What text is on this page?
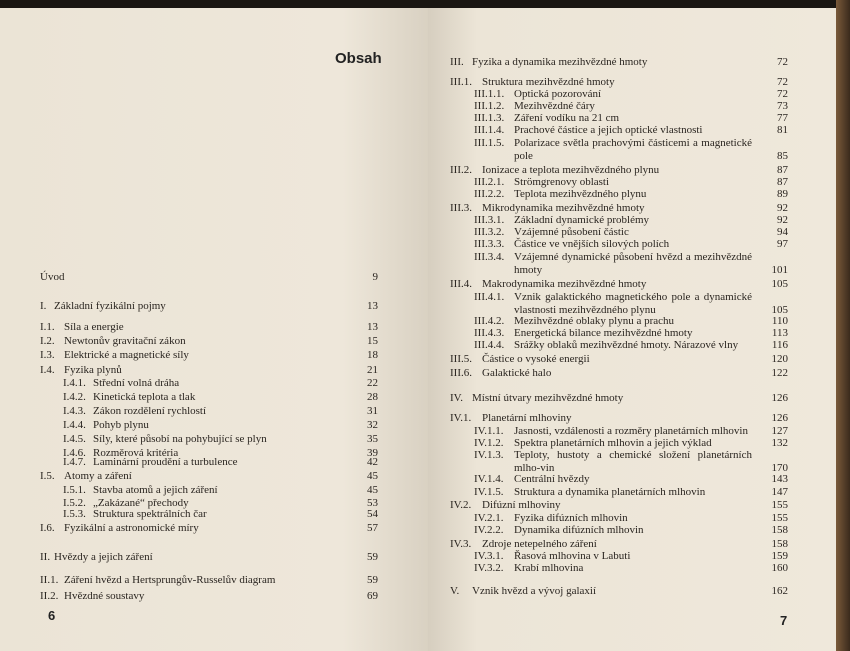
Obsah
Úvod	9
I. Základní fyzikální pojmy	13
I.1. Síla a energie	13
I.2. Newtonův gravitační zákon	15
I.3. Elektrické a magnetické síly	18
I.4. Fyzika plynů	21
I.4.1. Střední volná dráha	22
I.4.2. Kinetická teplota a tlak	28
I.4.3. Zákon rozdělení rychlostí	31
I.4.4. Pohyb plynu	32
I.4.5. Síly, které působí na pohybující se plyn	35
I.4.6. Rozměrová kritéria	39
I.4.7. Laminární proudění a turbulence	42
I.5. Atomy a záření	45
I.5.1. Stavba atomů a jejich záření	45
I.5.2. „Zakázané“ přechody	53
I.5.3. Struktura spektrálních čar	54
I.6. Fyzikální a astronomické míry	57
II. Hvězdy a jejich záření	59
II.1. Záření hvězd a Hertsprungův-Russelův diagram	59
II.2. Hvězdné soustavy	69
6
III. Fyzika a dynamika mezihvězdné hmoty	72
III.1. Struktura mezihvězdné hmoty	72
III.1.1. Optická pozorování	72
III.1.2. Mezihvězdné čáry	73
III.1.3. Záření vodíku na 21 cm	77
III.1.4. Prachové částice a jejich optické vlastnosti	81
III.1.5. Polarizace světla prachovými částicemi a magnetické pole	85
III.2. Ionizace a teplota mezihvězdného plynu	87
III.2.1. Strömgrenovy oblasti	87
III.2.2. Teplota mezihvězdného plynu	89
III.3. Mikrodynamika mezihvězdné hmoty	92
III.3.1. Základní dynamické problémy	92
III.3.2. Vzájemné působení částic	94
III.3.3. Částice ve vnějších silových polích	97
III.3.4. Vzájemné dynamické působení hvězd a mezihvězdné hmoty	101
III.4. Makrodynamika mezihvězdné hmoty	105
III.4.1. Vznik galaktického magnetického pole a dynamické vlastnosti mezihvězdného plynu	105
III.4.2. Mezihvězdné oblaky plynu a prachu	110
III.4.3. Energetická bilance mezihvězdné hmoty	113
III.4.4. Srážky oblaků mezihvězdné hmoty. Nárazové vlny	116
III.5. Částice o vysoké energii	120
III.6. Galaktické halo	122
IV. Místní útvary mezihvězdné hmoty	126
IV.1. Planetární mlhoviny	126
IV.1.1. Jasnosti, vzdálenosti a rozměry planetárních mlhovin	127
IV.1.2. Spektra planetárních mlhovin a jejich výklad	132
IV.1.3. Teploty, hustoty a chemické složení planetárních mlho-vin	170
IV.1.4. Centrální hvězdy	143
IV.1.5. Struktura a dynamika planetárních mlhovin	147
IV.2. Difúzní mlhoviny	155
IV.2.1. Fyzika difúzních mlhovin	155
IV.2.2. Dynamika difúzních mlhovin	158
IV.3. Zdroje netepelného záření	158
IV.3.1. Řasová mlhovina v Labuti	159
IV.3.2. Krabí mlhovina	160
V. Vznik hvězd a vývoj galaxií	162
7
